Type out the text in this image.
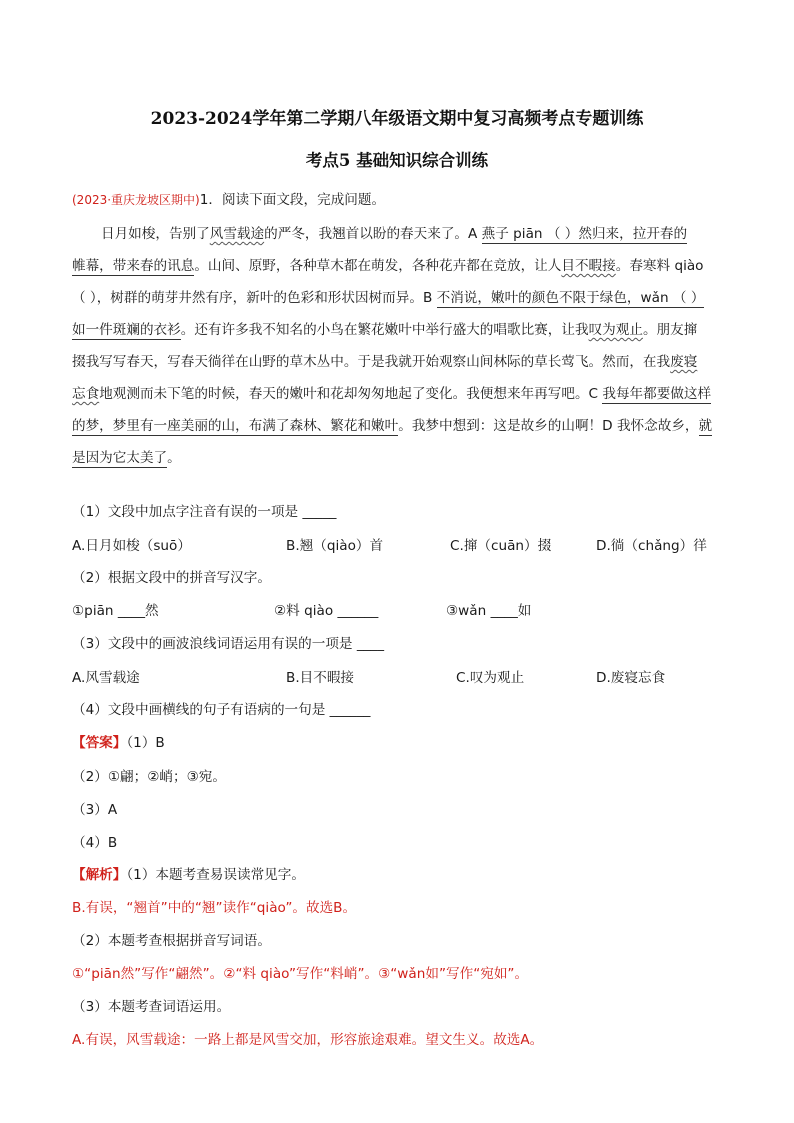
2023-2024学年第二学期八年级语文期中复习高频考点专题训练
考点5 基础知识综合训练
(2023·重庆龙坡区期中)1．阅读下面文段，完成问题。
日月如梭，告别了风雪载途的严冬，我翘首以盼的春天来了。A 燕子 piān （ ）然归来，拉开春的
帷幕，带来春的讯息。山间、原野，各种草木都在萌发，各种花卉都在竞放，让人目不暇接。春寒料 qiào
（ ），树群的萌芽井然有序，新叶的色彩和形状因树而异。B 不消说，嫩叶的颜色不限于绿色，wǎn （ ）
如一件斑斓的衣衫。还有许多我不知名的小鸟在繁花嫩叶中举行盛大的唱歌比赛，让我叹为观止。朋友撺
掇我写写春天，写春天徜徉在山野的草木丛中。于是我就开始观察山间林际的草长莺飞。然而，在我废寝
忘食地观测而未下笔的时候，春天的嫩叶和花却匆匆地起了变化。我便想来年再写吧。C 我每年都要做这样
的梦，梦里有一座美丽的山，布满了森林、繁花和嫩叶。我梦中想到：这是故乡的山啊！D 我怀念故乡，就
是因为它太美了。
（1）文段中加点字注音有误的一项是 _____
A.日月如梭（suō）	B.翘（qiào）首	C.撺（cuān）掇	D.徜（chǎng）徉
（2）根据文段中的拼音写汉字。
①piān ____然	②料 qiào ______	③wǎn ____如
（3）文段中的画波浪线词语运用有误的一项是 ____
A.风雪载途	B.目不暇接	C.叹为观止	D.废寝忘食
（4）文段中画横线的句子有语病的一句是 ______
【答案】（1）B
（2）①翩；②峭；③宛。
（3）A
（4）B
【解析】（1）本题考查易误读常见字。
B.有误，“翘首”中的“翘”读作“qiào”。故选B。
（2）本题考查根据拼音写词语。
①“piān然”写作“翩然”。②“料 qiào”写作“料峭”。③“wǎn如”写作“宛如”。
（3）本题考查词语运用。
A.有误，风雪载途：一路上都是风雪交加，形容旅途艰难。望文生义。故选A。
